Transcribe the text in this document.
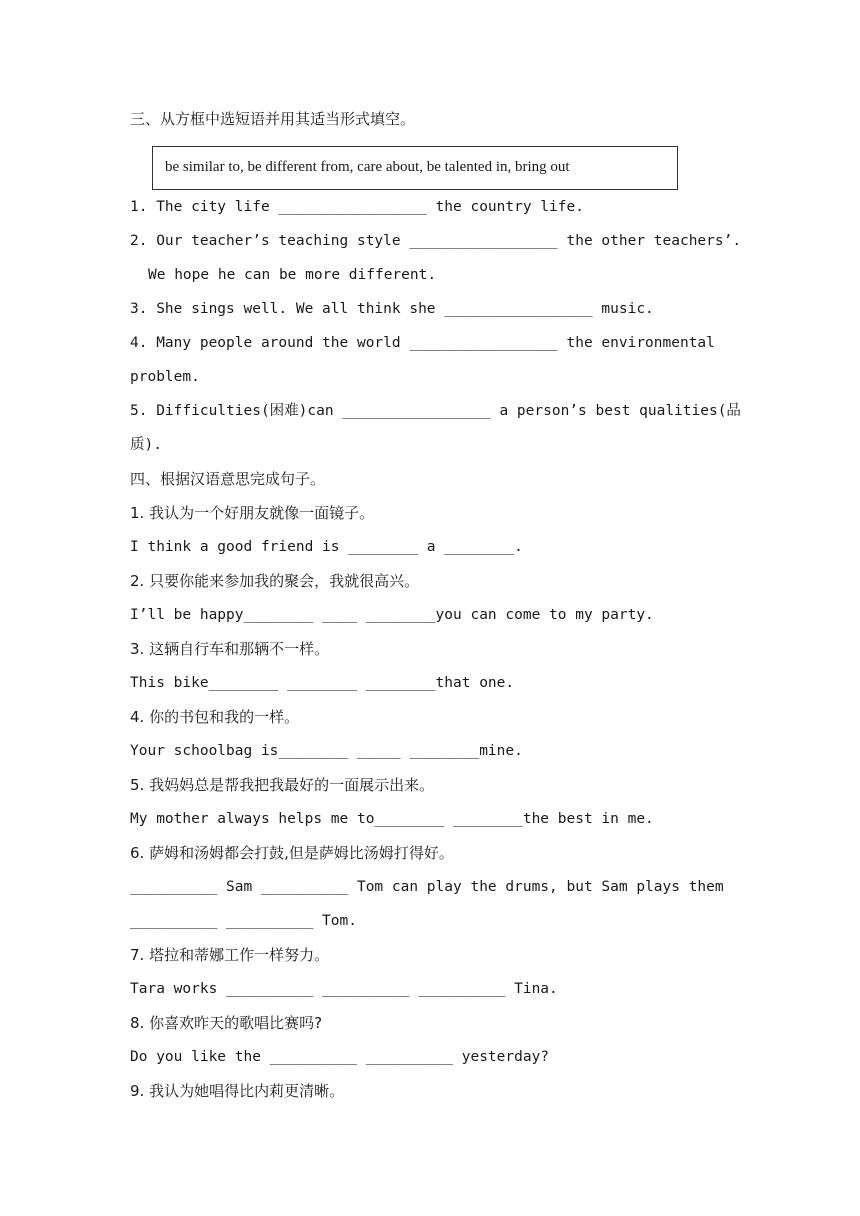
三、从方框中选短语并用其适当形式填空。
be similar to, be different from, care about, be talented in, bring out
1. The city life _________________ the country life.
2. Our teacher’s teaching style _________________ the other teachers’.
We hope he can be more different.
3. She sings well. We all think she _________________ music.
4. Many people around the world _________________ the environmental
problem.
5. Difficulties(困难)can _________________ a person’s best qualities(品
质).
四、根据汉语意思完成句子。
1. 我认为一个好朋友就像一面镜子。
I think a good friend is ________ a ________.
2. 只要你能来参加我的聚会，我就很高兴。
I’ll be happy________ ____ ________you can come to my party.
3. 这辆自行车和那辆不一样。
This bike________ ________ ________that one.
4. 你的书包和我的一样。
Your schoolbag is________ _____ ________mine.
5. 我妈妈总是帮我把我最好的一面展示出来。
My mother always helps me to________ ________the best in me.
6. 萨姆和汤姆都会打鼓,但是萨姆比汤姆打得好。
__________ Sam __________ Tom can play the drums, but Sam plays them
__________ __________ Tom.
7. 塔拉和蒂娜工作一样努力。
Tara works __________ __________ __________ Tina.
8. 你喜欢昨天的歌唱比赛吗?
Do you like the __________ __________ yesterday?
9. 我认为她唱得比内莉更清晰。
